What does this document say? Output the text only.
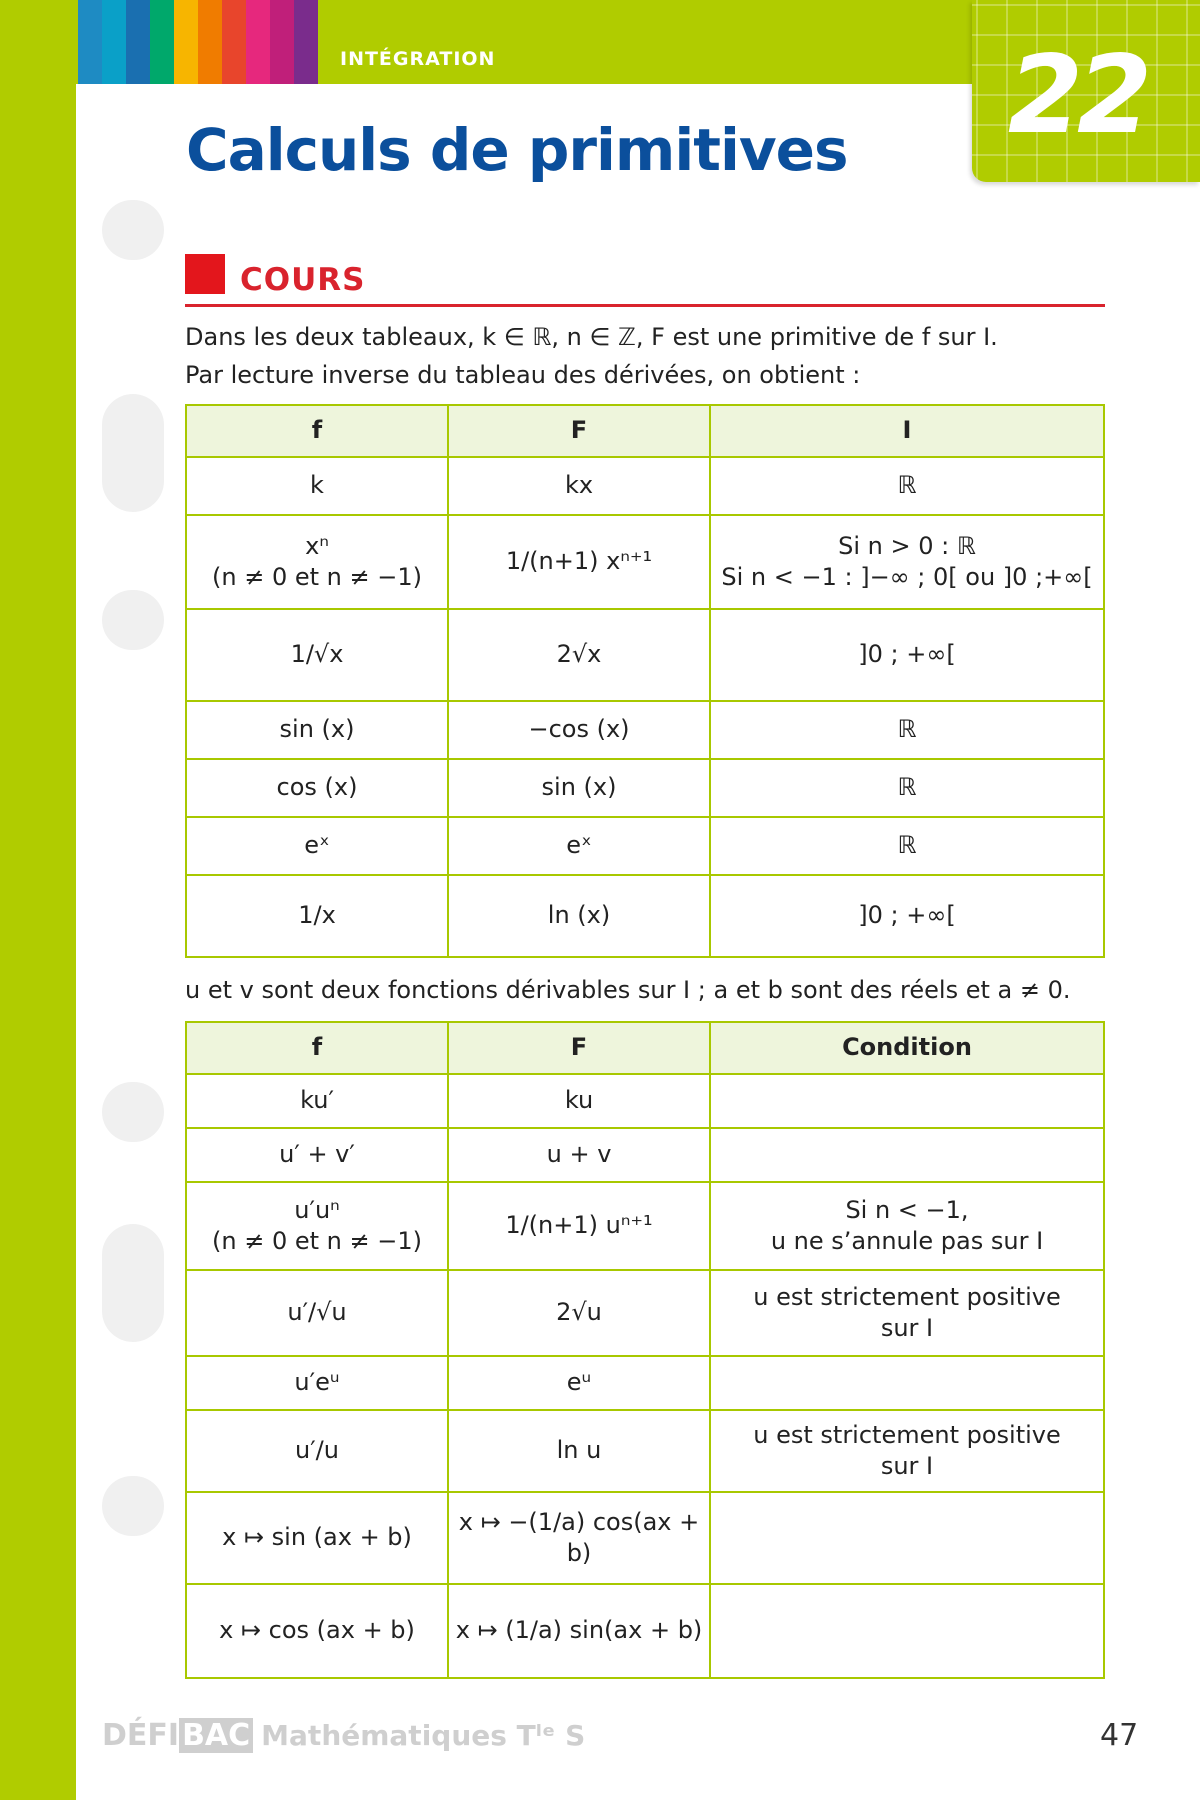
INTÉGRATION	22
Calculs de primitives
COURS
Dans les deux tableaux, k ∈ ℝ, n ∈ ℤ, F est une primitive de f sur I.
Par lecture inverse du tableau des dérivées, on obtient :
f	F	I

k	kx	ℝ

xⁿ
(n ≠ 0 et n ≠ −1)	1/(n+1) xⁿ⁺¹	Si n > 0 : ℝ
Si n < −1 : ]−∞ ; 0[ ou ]0 ;+∞[

1/√x	2√x	]0 ; +∞[

sin (x)	−cos (x)	ℝ

cos (x)	sin (x)	ℝ

eˣ	eˣ	ℝ

1/x	ln (x)	]0 ; +∞[
u et v sont deux fonctions dérivables sur I ; a et b sont des réels et a ≠ 0.
f	F	Condition

ku′	ku	

u′ + v′	u + v	

u′uⁿ
(n ≠ 0 et n ≠ −1)	1/(n+1) uⁿ⁺¹	Si n < −1,
u ne s’annule pas sur I

u′/√u	2√u	u est strictement positive
sur I

u′eᵘ	eᵘ	

u′/u	ln u	u est strictement positive
sur I

x ↦ sin (ax + b)	x ↦ −(1/a) cos(ax + b)	

x ↦ cos (ax + b)	x ↦ (1/a) sin(ax + b)	

DÉFI BAC Mathématiques Tˡᵉ S	47
